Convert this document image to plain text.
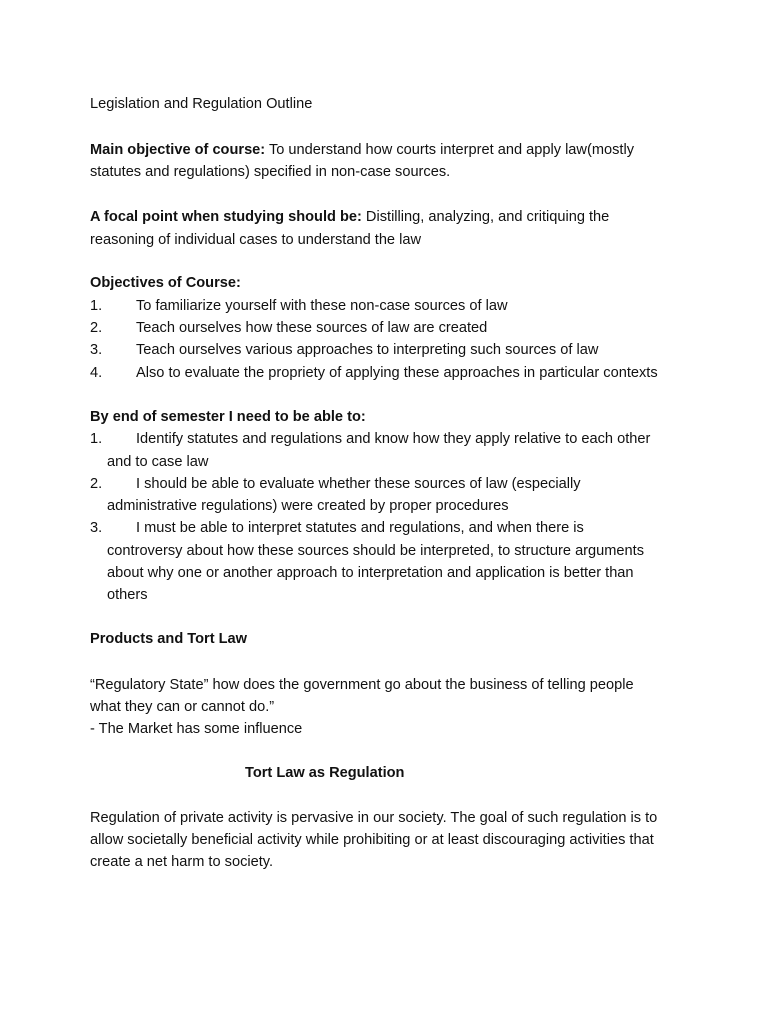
Legislation and Regulation Outline
Main objective of course: To understand how courts interpret and apply law(mostly
statutes and regulations) specified in non-case sources.
A focal point when studying should be: Distilling, analyzing, and critiquing the
reasoning of individual cases to understand the law
Objectives of Course:
1. To familiarize yourself with these non-case sources of law
2. Teach ourselves how these sources of law are created
3. Teach ourselves various approaches to interpreting such sources of law
4. Also to evaluate the propriety of applying these approaches in particular contexts
By end of semester I need to be able to:
1. Identify statutes and regulations and know how they apply relative to each other
and to case law
2. I should be able to evaluate whether these sources of law (especially
administrative regulations) were created by proper procedures
3. I must be able to interpret statutes and regulations, and when there is
controversy about how these sources should be interpreted, to structure arguments
about why one or another approach to interpretation and application is better than
others
Products and Tort Law
“Regulatory State” how does the government go about the business of telling people
what they can or cannot do.”
- The Market has some influence
Tort Law as Regulation
Regulation of private activity is pervasive in our society. The goal of such regulation is to
allow societally beneficial activity while prohibiting or at least discouraging activities that
create a net harm to society.
